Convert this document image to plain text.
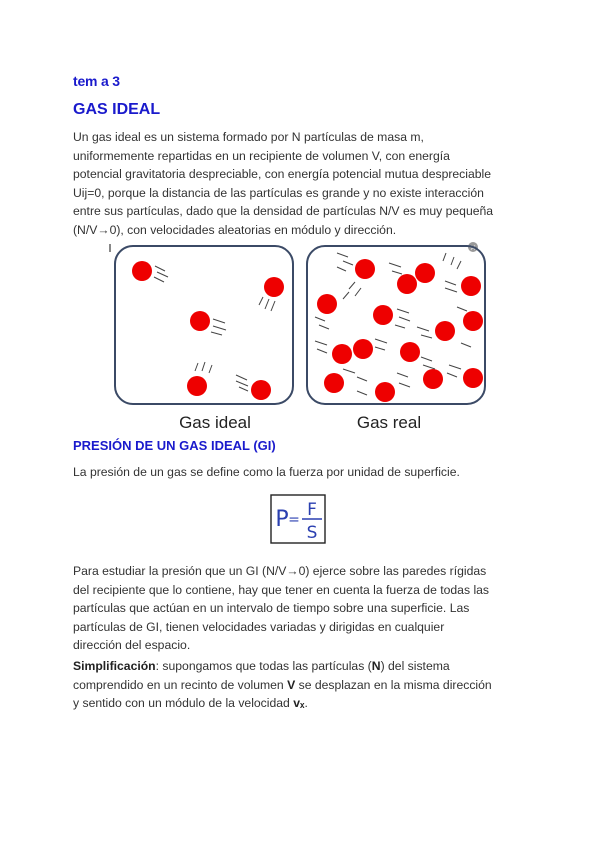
tem a 3
GAS IDEAL
Un gas ideal es un sistema formado por N partículas de masa m,
uniformemente repartidas en un recipiente de volumen V, con energía
potencial gravitatoria despreciable, con energía potencial mutua despreciable
Uij=0, porque la distancia de las partículas es grande y no existe interacción
entre sus partículas, dado que la densidad de partículas N/V es muy pequeña
(N/V→0), con velocidades aleatorias en módulo y dirección.
×
Gas ideal	Gas real
PRESIÓN DE UN GAS IDEAL (GI)
La presión de un gas se define como la fuerza por unidad de superficie.
P = F
S
Para estudiar la presión que un GI (N/V→0) ejerce sobre las paredes rígidas
del recipiente que lo contiene, hay que tener en cuenta la fuerza de todas las
partículas que actúan en un intervalo de tiempo sobre una superficie. Las
partículas de GI, tienen velocidades variadas y dirigidas en cualquier
dirección del espacio.
Simplificación: supongamos que todas las partículas (N) del sistema
comprendido en un recinto de volumen V se desplazan en la misma dirección
y sentido con un módulo de la velocidad vₓ.
